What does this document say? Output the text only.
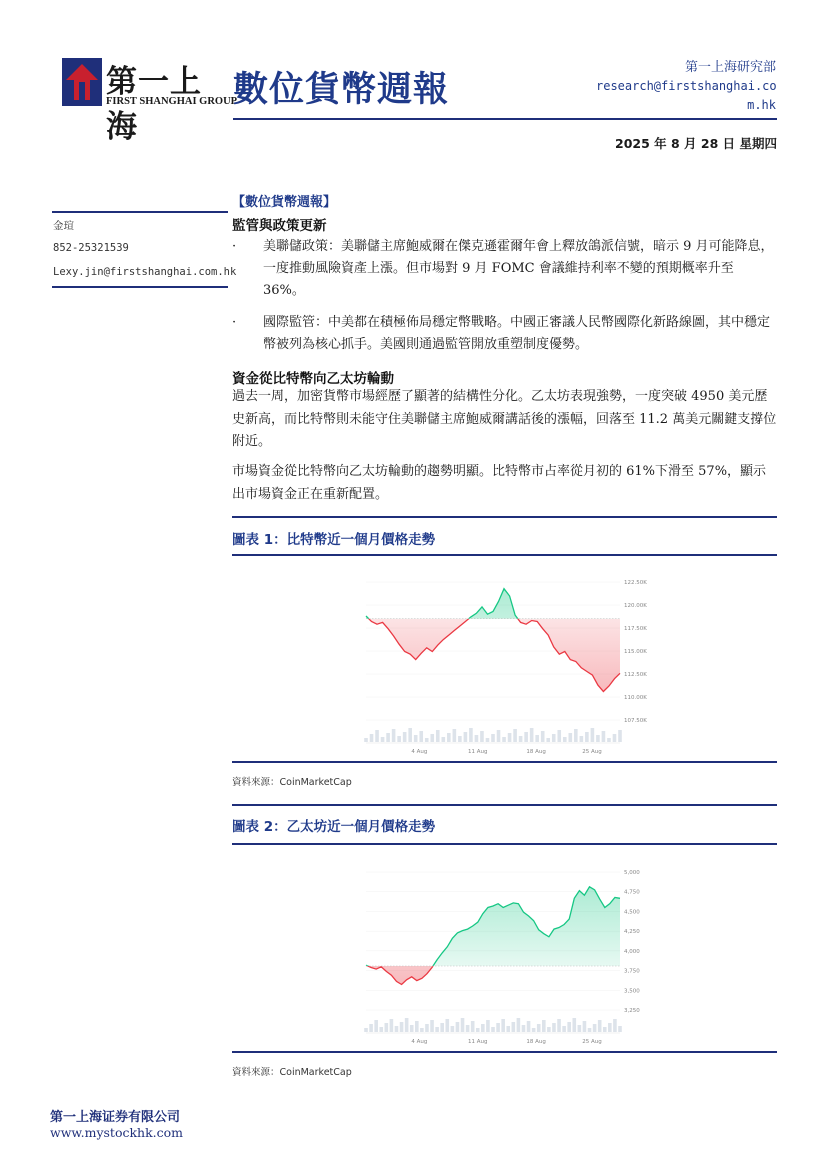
第一上海
FIRST SHANGHAI GROUP
數位貨幣週報
第一上海研究部
research@firstshanghai.co
m.hk
2025 年 8 月 28 日 星期四
金瑄
852-25321539
Lexy.jin@firstshanghai.com.hk
【數位貨幣週報】
監管與政策更新
· 美聯儲政策：美聯儲主席鮑威爾在傑克遜霍爾年會上釋放鴿派信號，暗示 9 月可能降息，一度推動風險資產上漲。但市場對 9 月 FOMC 會議維持利率不變的預期概率升至 36%。
· 國際監管：中美都在積極佈局穩定幣戰略。中國正審議人民幣國際化新路線圖，其中穩定幣被列為核心抓手。美國則通過監管開放重塑制度優勢。
資金從比特幣向乙太坊輪動
過去一周，加密貨幣市場經歷了顯著的結構性分化。乙太坊表現強勢，一度突破 4950 美元歷史新高，而比特幣則未能守住美聯儲主席鮑威爾講話後的漲幅，回落至 11.2 萬美元關鍵支撐位附近。
市場資金從比特幣向乙太坊輪動的趨勢明顯。比特幣市占率從月初的 61%下滑至 57%，顯示出市場資金正在重新配置。
圖表 1：比特幣近一個月價格走勢
122.50K
120.00K
117.50K
115.00K
112.50K
110.00K
107.50K
4 Aug	11 Aug	18 Aug	25 Aug
資料來源：CoinMarketCap
圖表 2：乙太坊近一個月價格走勢
5,000
4,750
4,500
4,250
4,000
3,750
3,500
3,250
4 Aug	11 Aug	18 Aug	25 Aug
資料來源：CoinMarketCap
第一上海证券有限公司
www.mystockhk.com
